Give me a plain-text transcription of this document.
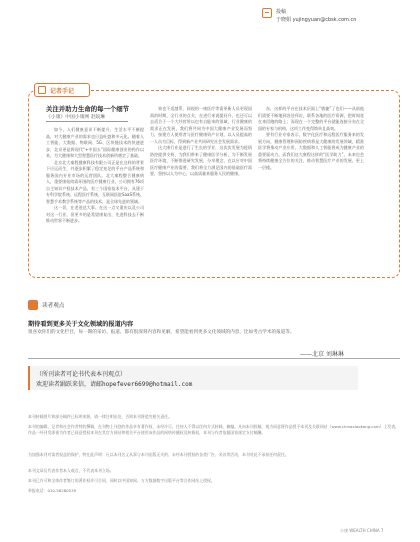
投稿
于晓娟 yujingyuan@cbsk.com.cn
记者手记
关注并助力生命的每一个细节
《小康》中国小康网 赵皖琳

如今，人们健康意识不断提升，生活水平不断提高，对大健康产业的需求也日益旺盛和多元化。随着人工智能、大数据、物联网、5G、区块链技术的快速进步，北京更是将现代“+中国五”国际健康创业的药作以来，为大健康和大型智慧医疗技术创新所奠定了基础。

北京北大秦程健康科技有限公司正是在这样的背景下应运而生，并逐步积累了稳定充足的平台产品系统和服务国内专业市场的运营团队。北大秦程整合健康病人，重要康始终需环围的医疗健康行业，公司拥有76项自主知识产权技术产品，有三个国家技术平台，具建于专科学院系统、远程医疗系统、互联网医院SaaS系统、智慧手术教学系统等产品的技术，是全球先进的领域。

这一切，在老进达大事。在这一点又重庆以及公司对这一行业，但更多的是希望康复出，先进科技去不断推动世界不断进步。

效也不适越系，同视的一康医疗等需更新人员更现国需的时期，全行业的点关，在进行来说提问升，也还可以去适合于一个大经营所以也有自能来的领域，行业健康的需求正在发展，我们将共同为中国大健康产业发展而努力，按建方人使用者与医疗健康资产计划，以人员提高的一人员为目标，得到新产业共同研究社会发展需求。

这大康行业是进行了生长的学业，这次次发展为疫情防控提供支持，为我们带来了健康医学分析，为不断发展医疗环境，不断推进研究发展，分享理念，在以应对中国医疗健康产业的需要，我们将全力满足国内的基础医疗需要，坚持以人为中心，以高质量来服务人民的健康。

东，这样的平台在技术层面上“敏捷”了也们——从前他们需要不断地到各处拜访，联系各地的医疗资源，把时间花在来回跑的路上；而现在一个完整的平台就能连接分布在全国的专家与机构，这项工作变得简单且高效。

要有行业专家表示，数字化医疗和远程医疗服务来的发展方向，健康管理和预防疾病将是大健康的发展领域，精准医学将推动产业应用，大数据和人工智能将成为健康产业的重要驱动力。而我们这大康程这样的“医学助力”，未来也会将持续健康全方位的关注，推动智慧医疗产业的发展，更上一层楼。

读者观点
期待看到更多关于文化领域的报道内容
很喜欢你们的文化栏目，每一期的采访、报道、都有很深刻内容和见解，希望能看到更多文化领域的内容，比如考古学术的报道等。
——北京 刘琳琳
（所刊读者可论书代表本刊观点）
欢迎读者踊跃来信，请邮hopefever6699@hotmail.com
本刊转载图片和部分稿件已标明来源，请一律注明出处，否则本刊将追究相关责任。
本刊的编辑、记者和社会作者特约撰稿，在刊物上刊登的作品享有著作权，未经许可，任何人不得以任何方式转载、摘编。凡向本刊投稿，视为同意将作品授予本刊及关联网站（www.chinaxiaokang.com）上发表，作品一经刊发即视为作者已同意授权本刊在其官方网站和相关平台使用该作品的网络传播权及转载权，本刊与作者依据国家规定支付稿酬。
为加强本刊对读者权益的保护，特在此声明：凡以本刊名义从事与本刊出版无关的、未经本刊授权的各类广告、采访等活动，本刊对此不承担任何责任。
本刊文章仅代表作者本人观点，不代表本刊立场。
本刊已许可和全体作者签订的著作权许可合同，同时以中国知网、万方数据数字出版平台等合作网站上授权。
举报电话：010-58280539
小康 WEALTH CHINA 7
